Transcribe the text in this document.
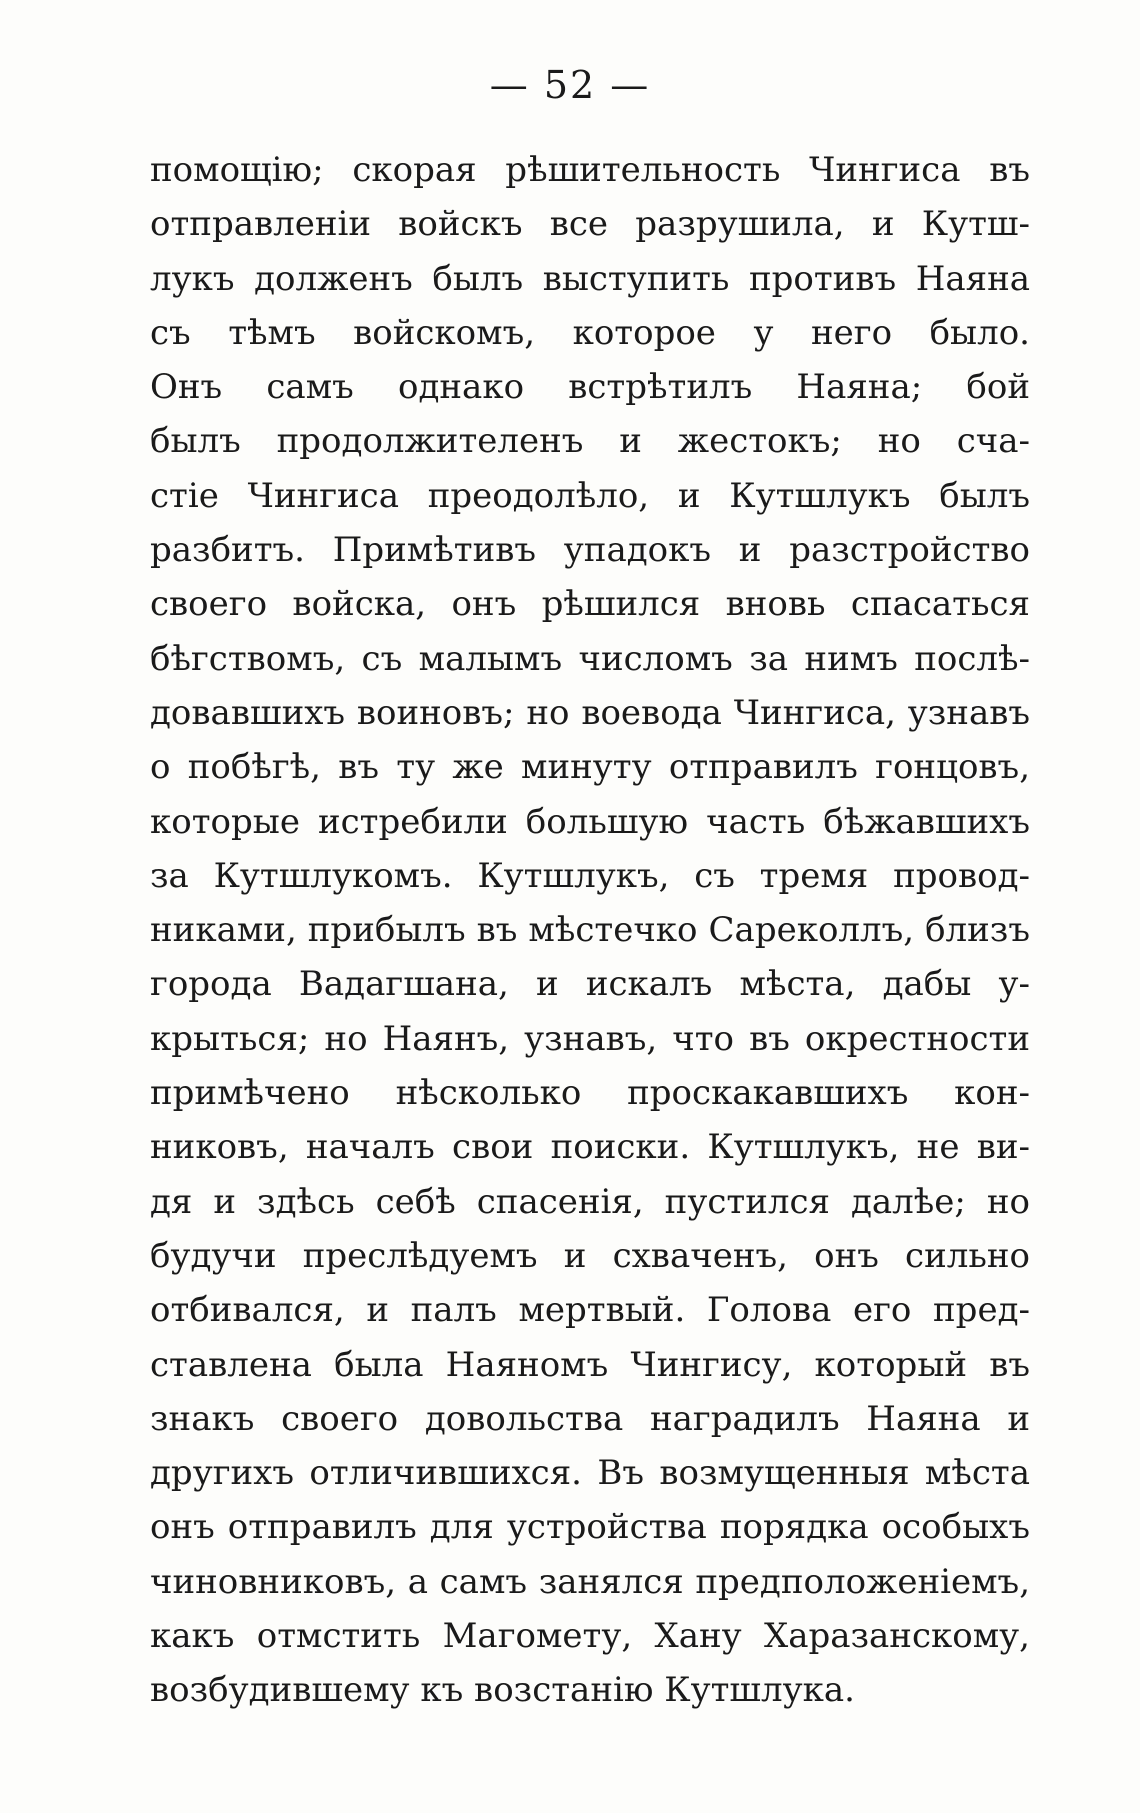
— 52 —
помощію; скорая рѣшительность Чингиса въ
отправленіи войскъ все разрушила, и Кутш-
лукъ долженъ былъ выступить противъ Наяна
съ тѣмъ войскомъ, которое у него было.
Онъ самъ однако встрѣтилъ Наяна; бой
былъ продолжителенъ и жестокъ; но сча-
стіе Чингиса преодолѣло, и Кутшлукъ былъ
разбитъ. Примѣтивъ упадокъ и разстройство
своего войска, онъ рѣшился вновь спасаться
бѣгствомъ, съ малымъ числомъ за нимъ послѣ-
довавшихъ воиновъ; но воевода Чингиса, узнавъ
о побѣгѣ, въ ту же минуту отправилъ гонцовъ,
которые истребили большую часть бѣжавшихъ
за Кутшлукомъ. Кутшлукъ, съ тремя провод-
никами, прибылъ въ мѣстечко Сареколлъ, близъ
города Вадагшана, и искалъ мѣста, дабы у-
крыться; но Наянъ, узнавъ, что въ окрестности
примѣчено нѣсколько проскакавшихъ кон-
никовъ, началъ свои поиски. Кутшлукъ, не ви-
дя и здѣсь себѣ спасенія, пустился далѣе; но
будучи преслѣдуемъ и схваченъ, онъ сильно
отбивался, и палъ мертвый. Голова его пред-
ставлена была Наяномъ Чингису, который въ
знакъ своего довольства наградилъ Наяна и
другихъ отличившихся. Въ возмущенныя мѣста
онъ отправилъ для устройства порядка особыхъ
чиновниковъ, а самъ занялся предположеніемъ,
какъ отмстить Магомету, Хану Харазанскому,
возбудившему къ возстанію Кутшлука.
